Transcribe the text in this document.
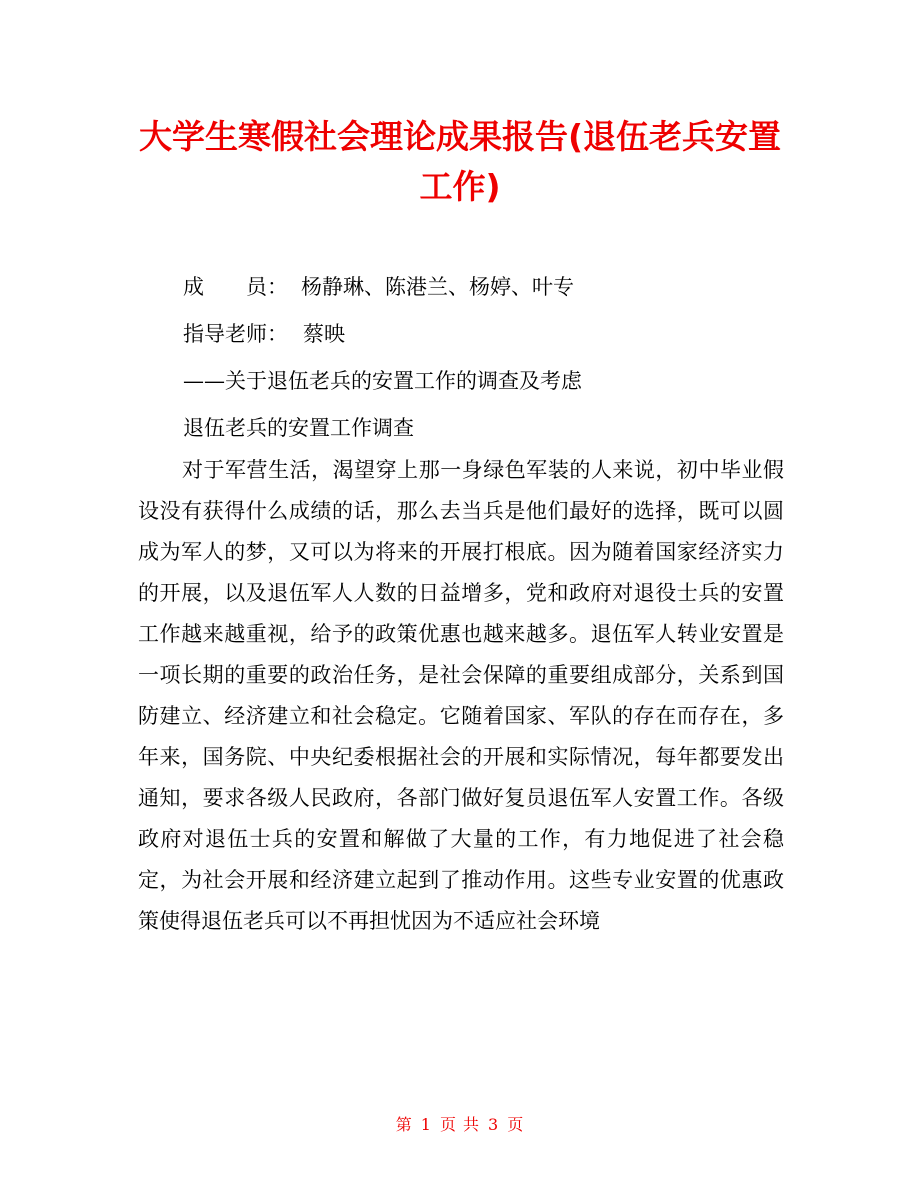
大学生寒假社会理论成果报告(退伍老兵安置工作)
成　　员： 杨静琳、陈港兰、杨婷、叶专
指导老师： 蔡映
——关于退伍老兵的安置工作的调查及考虑
退伍老兵的安置工作调查

对于军营生活，渴望穿上那一身绿色军装的人来说，初中毕业假设没有获得什么成绩的话，那么去当兵是他们最好的选择，既可以圆成为军人的梦，又可以为将来的开展打根底。因为随着国家经济实力的开展，以及退伍军人人数的日益增多，党和政府对退役士兵的安置工作越来越重视，给予的政策优惠也越来越多。退伍军人转业安置是一项长期的重要的政治任务，是社会保障的重要组成部分，关系到国防建立、经济建立和社会稳定。它随着国家、军队的存在而存在，多年来，国务院、中央纪委根据社会的开展和实际情况，每年都要发出通知，要求各级人民政府，各部门做好复员退伍军人安置工作。各级政府对退伍士兵的安置和解做了大量的工作，有力地促进了社会稳定，为社会开展和经济建立起到了推动作用。这些专业安置的优惠政策使得退伍老兵可以不再担忧因为不适应社会环境

第 1 页 共 3 页
